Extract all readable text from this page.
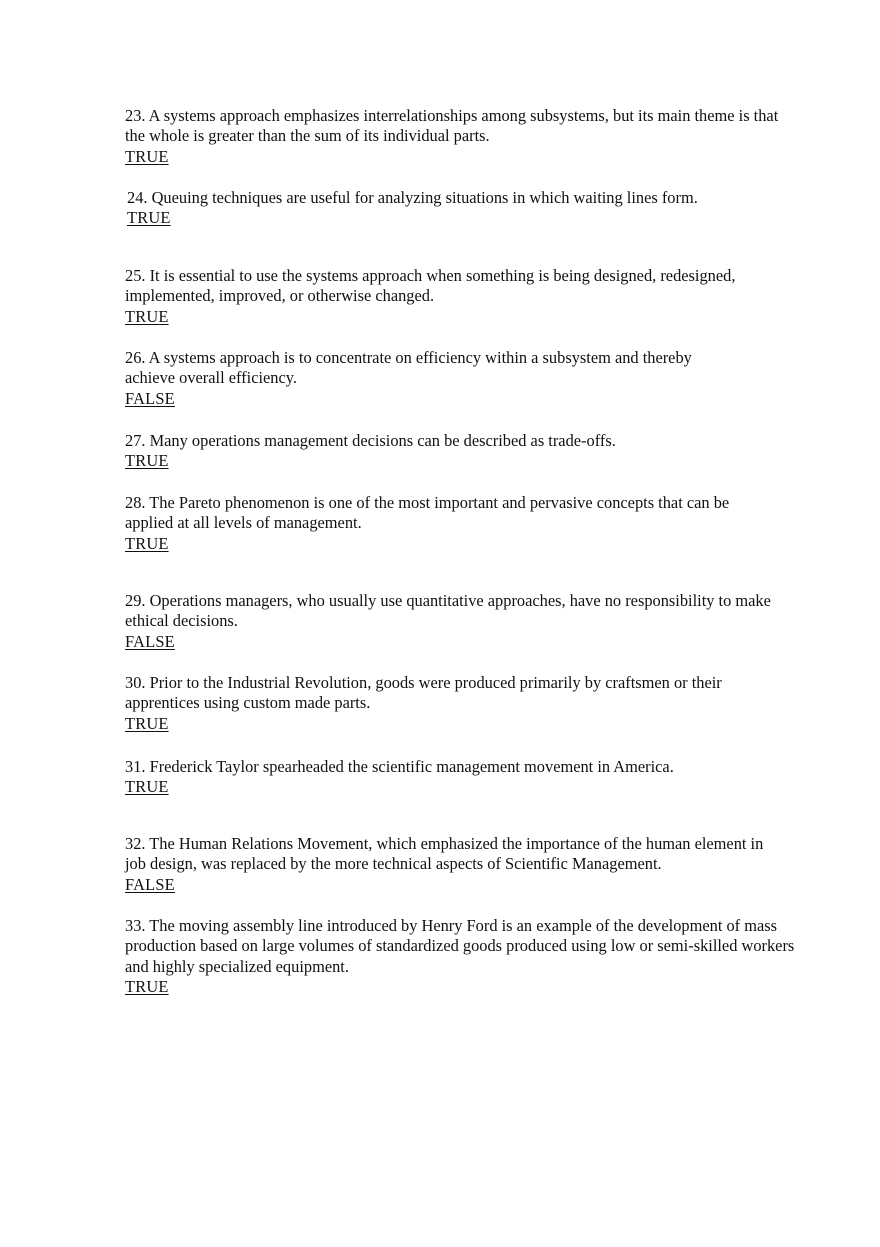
23. A systems approach emphasizes interrelationships among subsystems, but its main theme is that the whole is greater than the sum of its individual parts.
TRUE
24. Queuing techniques are useful for analyzing situations in which waiting lines form.
TRUE
25. It is essential to use the systems approach when something is being designed, redesigned, implemented, improved, or otherwise changed.
TRUE
26. A systems approach is to concentrate on efficiency within a subsystem and thereby achieve overall efficiency.
FALSE
27. Many operations management decisions can be described as trade-offs.
TRUE
28. The Pareto phenomenon is one of the most important and pervasive concepts that can be applied at all levels of management.
TRUE
29. Operations managers, who usually use quantitative approaches, have no responsibility to make ethical decisions.
FALSE
30. Prior to the Industrial Revolution, goods were produced primarily by craftsmen or their apprentices using custom made parts.
TRUE
31. Frederick Taylor spearheaded the scientific management movement in America.
TRUE
32. The Human Relations Movement, which emphasized the importance of the human element in job design, was replaced by the more technical aspects of Scientific Management.
FALSE
33. The moving assembly line introduced by Henry Ford is an example of the development of mass production based on large volumes of standardized goods produced using low or semi-skilled workers and highly specialized equipment.
TRUE
